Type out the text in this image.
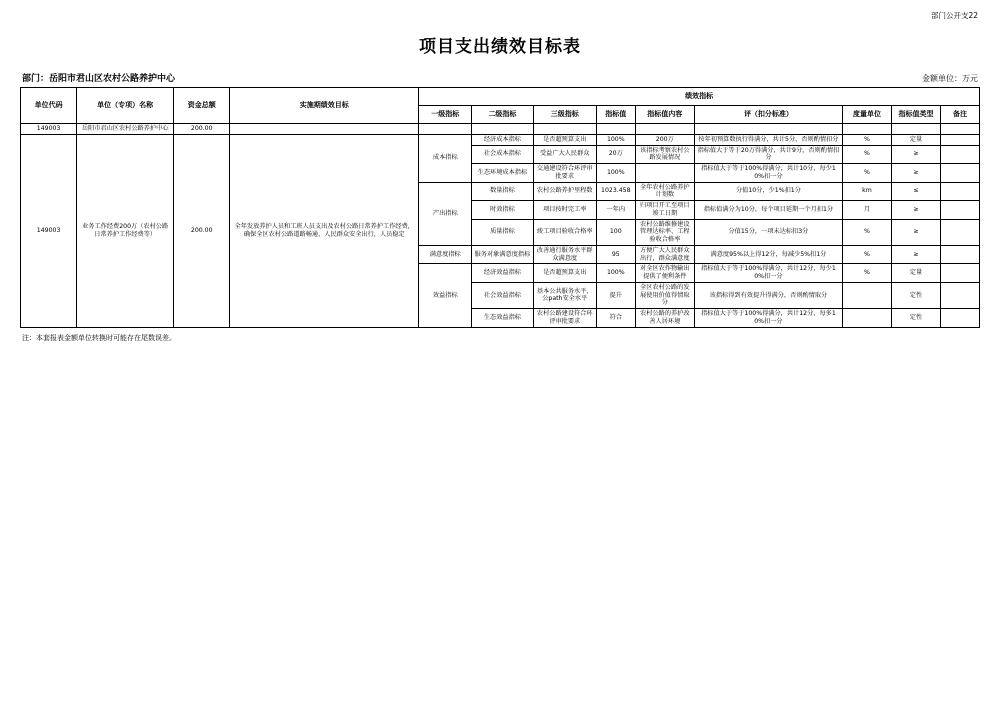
部门公开支22
项目支出绩效目标表
部门：岳阳市君山区农村公路养护中心	金额单位：万元
单位代码	单位（专项）名称	资金总额	实施期绩效目标	绩效指标								
				一级指标	二级指标	三级指标	指标值	指标值内容	评（扣分标准）	度量单位	指标值类型	备注
149003	岳阳市君山区农村公路养护中心	200.00										
149003	业务工作经费200万（农村公路日常养护工作经费等）	200.00	全年发放养护人员和工班人员支出及农村公路日常养护工作经费，确保全区农村公路道路畅通，人民群众安全出行，人员稳定	成本指标	经济成本指标	是否超预算支出	100%	200万	按年初预算数执行得满分，共计5分，否则酌情扣分	%	定量	
					社会成本指标	受益广大人民群众	20万	该指标考察农村公路发展情况	指标值大于等于20万得满分，共计9分，否则酌情扣分	%	≥	
					生态环境成本指标	交通建设符合环评审批要求	100%		指标值大于等于100%得满分，共计10分，每少10%扣一分	%	≥	
				产出指标	数量指标	农村公路养护里程数	1023.458	全年农村公路养护计划数	分值10分，少1%扣1分	km	≤	
					时效指标	项目按时完工率	一年内	归项目开工至项目竣工日期	指标值满分为10分，每个项目延期一个月扣1分	月	≥	
					质量指标	竣工项目验收合格率	100	农村公路维修建设管理达标率、工程验收合格率	分值15分，一项未达标扣3分	%	≥	
				满意度指标	服务对象满意度指标	改善通行服务水平群众满意度	95	方便广大人民群众出行，群众满意度	满意度95%以上得12分，每减少5%扣1分	%	≥	
				效益指标	经济效益指标	是否超预算支出	100%	对全区农作物输出提供了便利条件	指标值大于等于100%得满分，共计12分，每少10%扣一分	%	定量	
					社会效益指标	基本公共服务水平、公path安全水平	提升	全区农村公路的发展使用价值得情取分	该指标得到有效提升得满分，否则酌情取分		定性	
					生态效益指标	农村公路建设符合环评审批要求	符合	农村公路的养护改善人居环境	指标值大于等于100%得满分，共计12分，每多10%扣一分		定性	
注：本套报表金额单位转换时可能存在尾数误差。
